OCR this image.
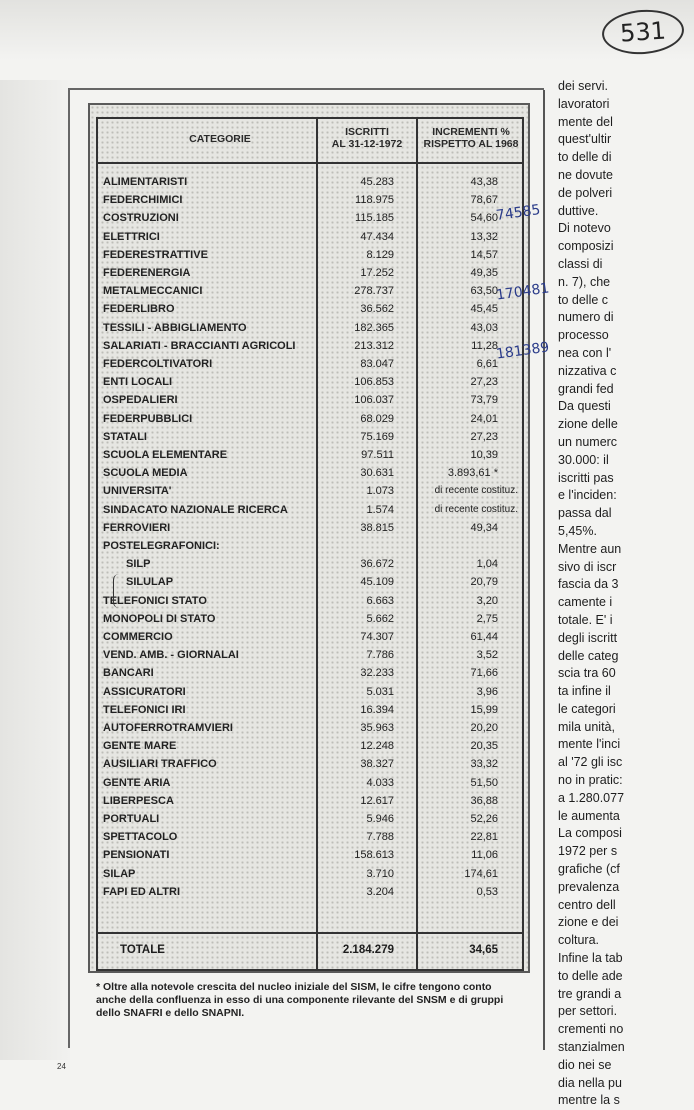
531
CATEGORIE
ISCRITTI
AL 31-12-1972
INCREMENTI %
RISPETTO AL 1968
ALIMENTARISTI	45.283	43,38
FEDERCHIMICI	118.975	78,67
COSTRUZIONI	115.185	54,60
ELETTRICI	47.434	13,32
FEDERESTRATTIVE	8.129	14,57
FEDERENERGIA	17.252	49,35
METALMECCANICI	278.737	63,50
FEDERLIBRO	36.562	45,45
TESSILI - ABBIGLIAMENTO	182.365	43,03
SALARIATI - BRACCIANTI AGRICOLI	213.312	11,28
FEDERCOLTIVATORI	83.047	6,61
ENTI LOCALI	106.853	27,23
OSPEDALIERI	106.037	73,79
FEDERPUBBLICI	68.029	24,01
STATALI	75.169	27,23
SCUOLA ELEMENTARE	97.511	10,39
SCUOLA MEDIA	30.631	3.893,61 *
UNIVERSITA'	1.073	di recente costituz.
SINDACATO NAZIONALE RICERCA	1.574	di recente costituz.
FERROVIERI	38.815	49,34
POSTELEGRAFONICI:
SILP	36.672	1,04
SILULAP	45.109	20,79
TELEFONICI STATO	6.663	3,20
MONOPOLI DI STATO	5.662	2,75
COMMERCIO	74.307	61,44
VEND. AMB. - GIORNALAI	7.786	3,52
BANCARI	32.233	71,66
ASSICURATORI	5.031	3,96
TELEFONICI IRI	16.394	15,99
AUTOFERROTRAMVIERI	35.963	20,20
GENTE MARE	12.248	20,35
AUSILIARI TRAFFICO	38.327	33,32
GENTE ARIA	4.033	51,50
LIBERPESCA	12.617	36,88
PORTUALI	5.946	52,26
SPETTACOLO	7.788	22,81
PENSIONATI	158.613	11,06
SILAP	3.710	174,61
FAPI ED ALTRI	3.204	0,53
TOTALE	2.184.279	34,65
* Oltre alla notevole crescita del nucleo iniziale del SISM, le cifre tengono conto anche della confluenza in esso di una componente rilevante del SNSM e di gruppi dello SNAFRI e dello SNAPNI.
74585
170481
181389
dei servi.
lavoratori
mente del
quest'ultir
to delle di
ne dovute
de polveri
duttive.
Di notevo
composizi
classi di
n. 7), che
to delle c
numero di
processo
nea con l'
nizzativa c
grandi fed
Da questi
zione delle
un numerc
30.000: il
iscritti pas
e l'inciden:
passa dal
5,45%.
Mentre aun
sivo di iscr
fascia da 3
camente i
totale. E' i
degli iscritt
delle categ
scia tra 60
ta infine il
le categori
mila unità,
mente l'inci
al '72 gli isc
no in pratic:
a 1.280.077
le aumenta
La composi
1972 per s
grafiche (cf
prevalenza
centro dell
zione e dei
coltura.
Infine la tab
to delle ade
tre grandi a
per settori.
crementi no
stanzialmen
dio nei se
dia nella pu
mentre la s
24
